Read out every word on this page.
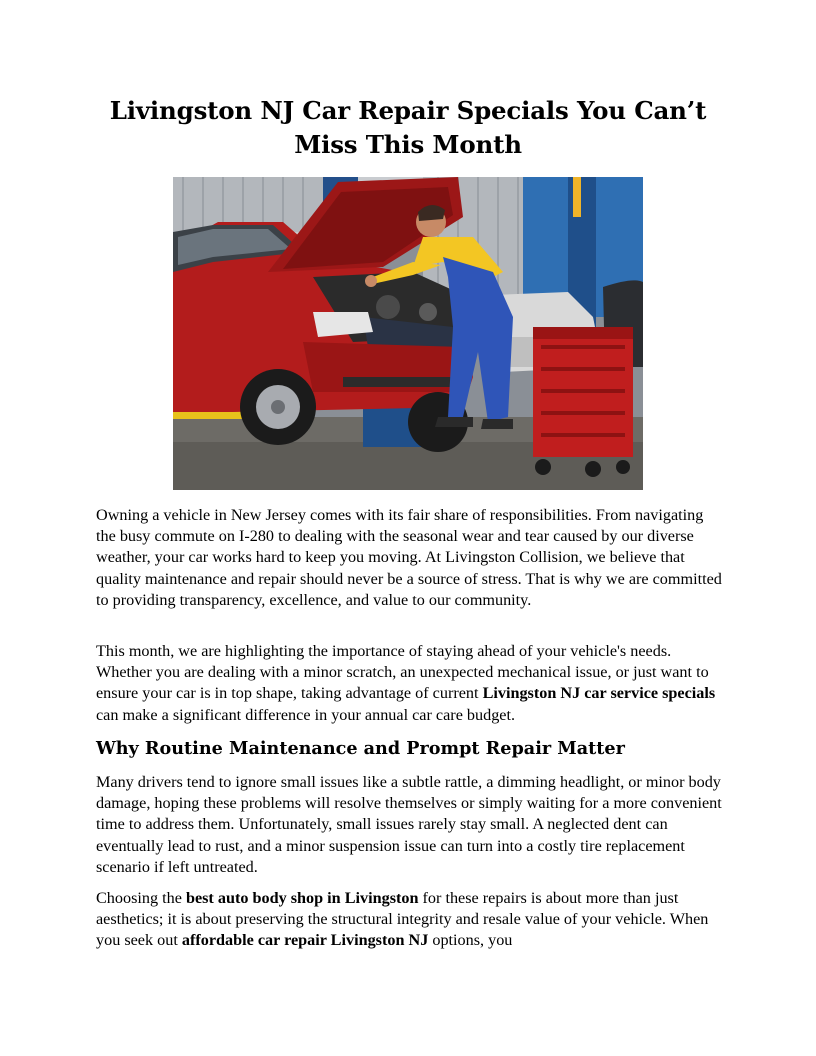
Livingston NJ Car Repair Specials You Can’t Miss This Month

Owning a vehicle in New Jersey comes with its fair share of responsibilities. From navigating the busy commute on I-280 to dealing with the seasonal wear and tear caused by our diverse weather, your car works hard to keep you moving. At Livingston Collision, we believe that quality maintenance and repair should never be a source of stress. That is why we are committed to providing transparency, excellence, and value to our community.

This month, we are highlighting the importance of staying ahead of your vehicle's needs. Whether you are dealing with a minor scratch, an unexpected mechanical issue, or just want to ensure your car is in top shape, taking advantage of current Livingston NJ car service specials can make a significant difference in your annual car care budget.

Why Routine Maintenance and Prompt Repair Matter

Many drivers tend to ignore small issues like a subtle rattle, a dimming headlight, or minor body damage, hoping these problems will resolve themselves or simply waiting for a more convenient time to address them. Unfortunately, small issues rarely stay small. A neglected dent can eventually lead to rust, and a minor suspension issue can turn into a costly tire replacement scenario if left untreated.

Choosing the best auto body shop in Livingston for these repairs is about more than just aesthetics; it is about preserving the structural integrity and resale value of your vehicle. When you seek out affordable car repair Livingston NJ options, you
